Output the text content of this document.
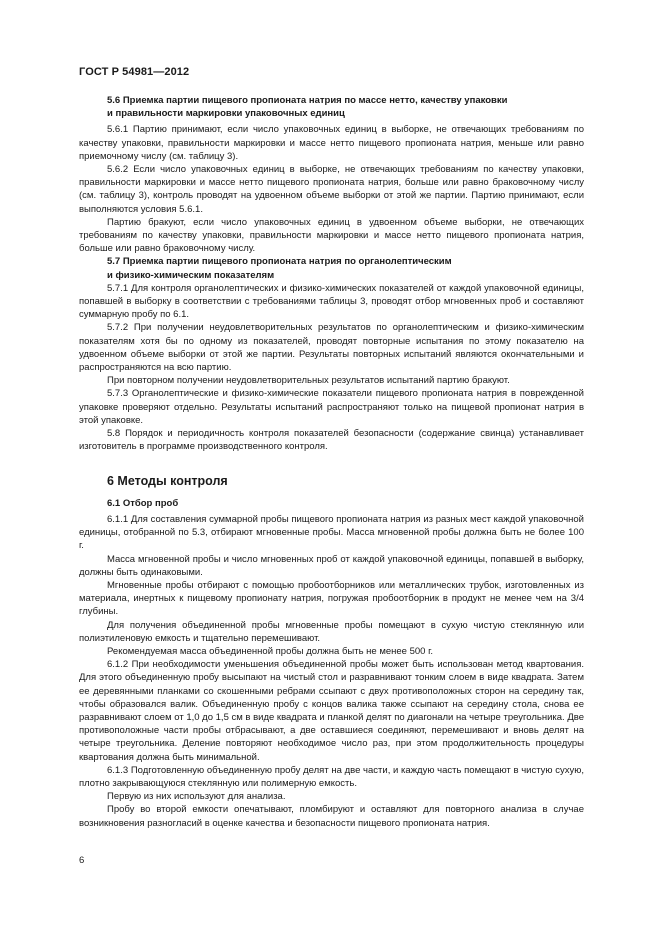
ГОСТ Р 54981—2012

5.6 Приемка партии пищевого пропионата натрия по массе нетто, качеству упаковки
и правильности маркировки упаковочных единиц

5.6.1 Партию принимают, если число упаковочных единиц в выборке, не отвечающих требованиям по качеству упаковки, правильности маркировки и массе нетто пищевого пропионата натрия, меньше или равно приемочному числу (см. таблицу 3).

5.6.2 Если число упаковочных единиц в выборке, не отвечающих требованиям по качеству упаковки, правильности маркировки и массе нетто пищевого пропионата натрия, больше или равно браковочному числу (см. таблицу 3), контроль проводят на удвоенном объеме выборки от этой же партии. Партию принимают, если выполняются условия 5.6.1.

Партию бракуют, если число упаковочных единиц в удвоенном объеме выборки, не отвечающих требованиям по качеству упаковки, правильности маркировки и массе нетто пищевого пропионата натрия, больше или равно браковочному числу.

5.7 Приемка партии пищевого пропионата натрия по органолептическим
и физико-химическим показателям

5.7.1 Для контроля органолептических и физико-химических показателей от каждой упаковочной единицы, попавшей в выборку в соответствии с требованиями таблицы 3, проводят отбор мгновенных проб и составляют суммарную пробу по 6.1.

5.7.2 При получении неудовлетворительных результатов по органолептическим и физико-химическим показателям хотя бы по одному из показателей, проводят повторные испытания по этому показателю на удвоенном объеме выборки от этой же партии. Результаты повторных испытаний являются окончательными и распространяются на всю партию.

При повторном получении неудовлетворительных результатов испытаний партию бракуют.

5.7.3 Органолептические и физико-химические показатели пищевого пропионата натрия в поврежденной упаковке проверяют отдельно. Результаты испытаний распространяют только на пищевой пропионат натрия в этой упаковке.

5.8 Порядок и периодичность контроля показателей безопасности (содержание свинца) устанавливает изготовитель в программе производственного контроля.

6 Методы контроля

6.1 Отбор проб

6.1.1 Для составления суммарной пробы пищевого пропионата натрия из разных мест каждой упаковочной единицы, отобранной по 5.3, отбирают мгновенные пробы. Масса мгновенной пробы должна быть не более 100 г.

Масса мгновенной пробы и число мгновенных проб от каждой упаковочной единицы, попавшей в выборку, должны быть одинаковыми.

Мгновенные пробы отбирают с помощью пробоотборников или металлических трубок, изготовленных из материала, инертных к пищевому пропионату натрия, погружая пробоотборник в продукт не менее чем на 3/4 глубины.

Для получения объединенной пробы мгновенные пробы помещают в сухую чистую стеклянную или полиэтиленовую емкость и тщательно перемешивают.

Рекомендуемая масса объединенной пробы должна быть не менее 500 г.

6.1.2 При необходимости уменьшения объединенной пробы может быть использован метод квартования. Для этого объединенную пробу высыпают на чистый стол и разравнивают тонким слоем в виде квадрата. Затем ее деревянными планками со скошенными ребрами ссыпают с двух противоположных сторон на середину так, чтобы образовался валик. Объединенную пробу с концов валика также ссыпают на середину стола, снова ее разравнивают слоем от 1,0 до 1,5 см в виде квадрата и планкой делят по диагонали на четыре треугольника. Две противоположные части пробы отбрасывают, а две оставшиеся соединяют, перемешивают и вновь делят на четыре треугольника. Деление повторяют необходимое число раз, при этом продолжительность процедуры квартования должна быть минимальной.

6.1.3 Подготовленную объединенную пробу делят на две части, и каждую часть помещают в чистую сухую, плотно закрывающуюся стеклянную или полимерную емкость.

Первую из них используют для анализа.

Пробу во второй емкости опечатывают, пломбируют и оставляют для повторного анализа в случае возникновения разногласий в оценке качества и безопасности пищевого пропионата натрия.

6
